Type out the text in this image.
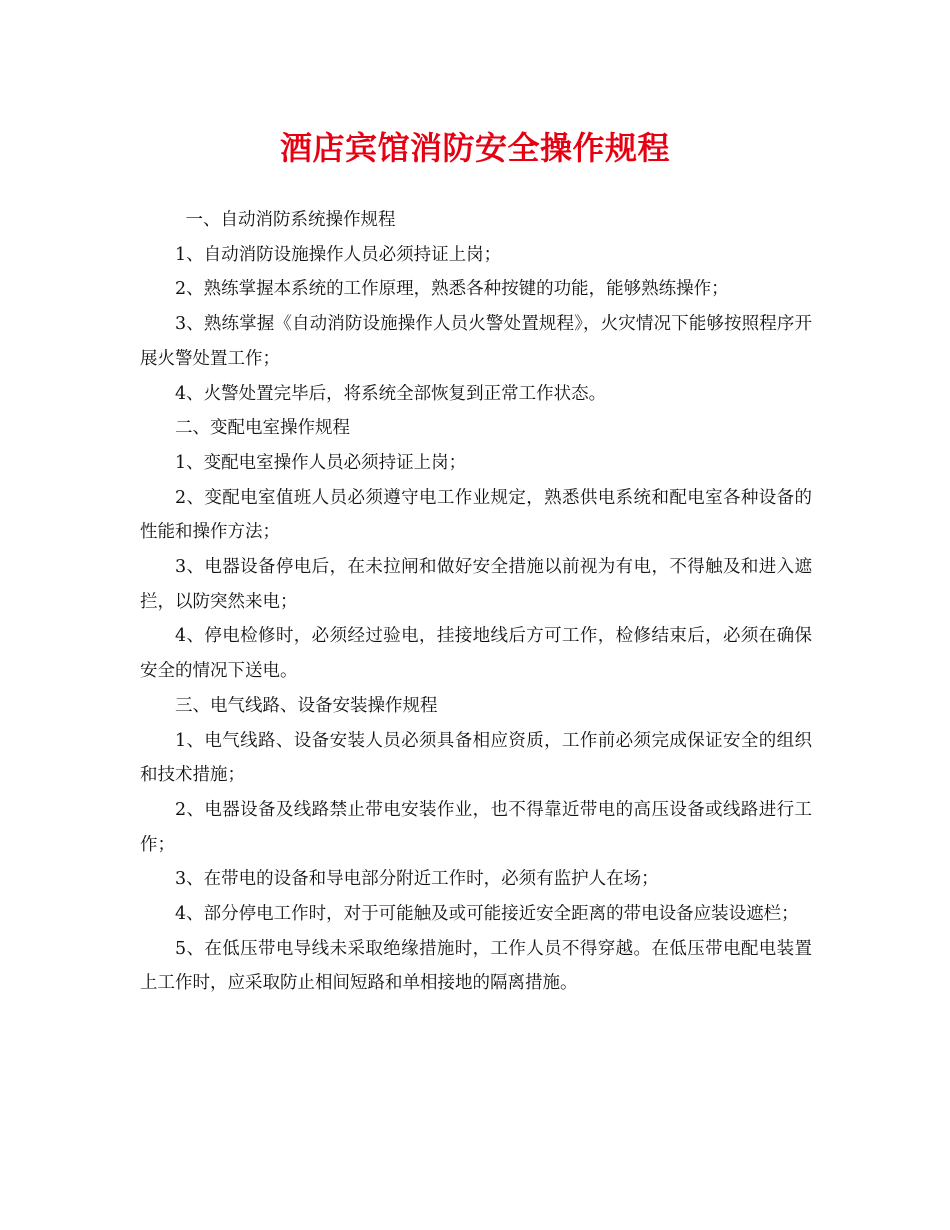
酒店宾馆消防安全操作规程

一、自动消防系统操作规程

1、自动消防设施操作人员必须持证上岗；

2、熟练掌握本系统的工作原理，熟悉各种按键的功能，能够熟练操作；

3、熟练掌握《自动消防设施操作人员火警处置规程》，火灾情况下能够按照程序开展火警处置工作；

4、火警处置完毕后，将系统全部恢复到正常工作状态。

二、变配电室操作规程

1、变配电室操作人员必须持证上岗；

2、变配电室值班人员必须遵守电工作业规定，熟悉供电系统和配电室各种设备的性能和操作方法；

3、电器设备停电后，在未拉闸和做好安全措施以前视为有电，不得触及和进入遮拦，以防突然来电；

4、停电检修时，必须经过验电，挂接地线后方可工作，检修结束后，必须在确保安全的情况下送电。

三、电气线路、设备安装操作规程

1、电气线路、设备安装人员必须具备相应资质，工作前必须完成保证安全的组织和技术措施；

2、电器设备及线路禁止带电安装作业，也不得靠近带电的高压设备或线路进行工作；

3、在带电的设备和导电部分附近工作时，必须有监护人在场；

4、部分停电工作时，对于可能触及或可能接近安全距离的带电设备应装设遮栏；

5、在低压带电导线未采取绝缘措施时，工作人员不得穿越。在低压带电配电装置上工作时，应采取防止相间短路和单相接地的隔离措施。
